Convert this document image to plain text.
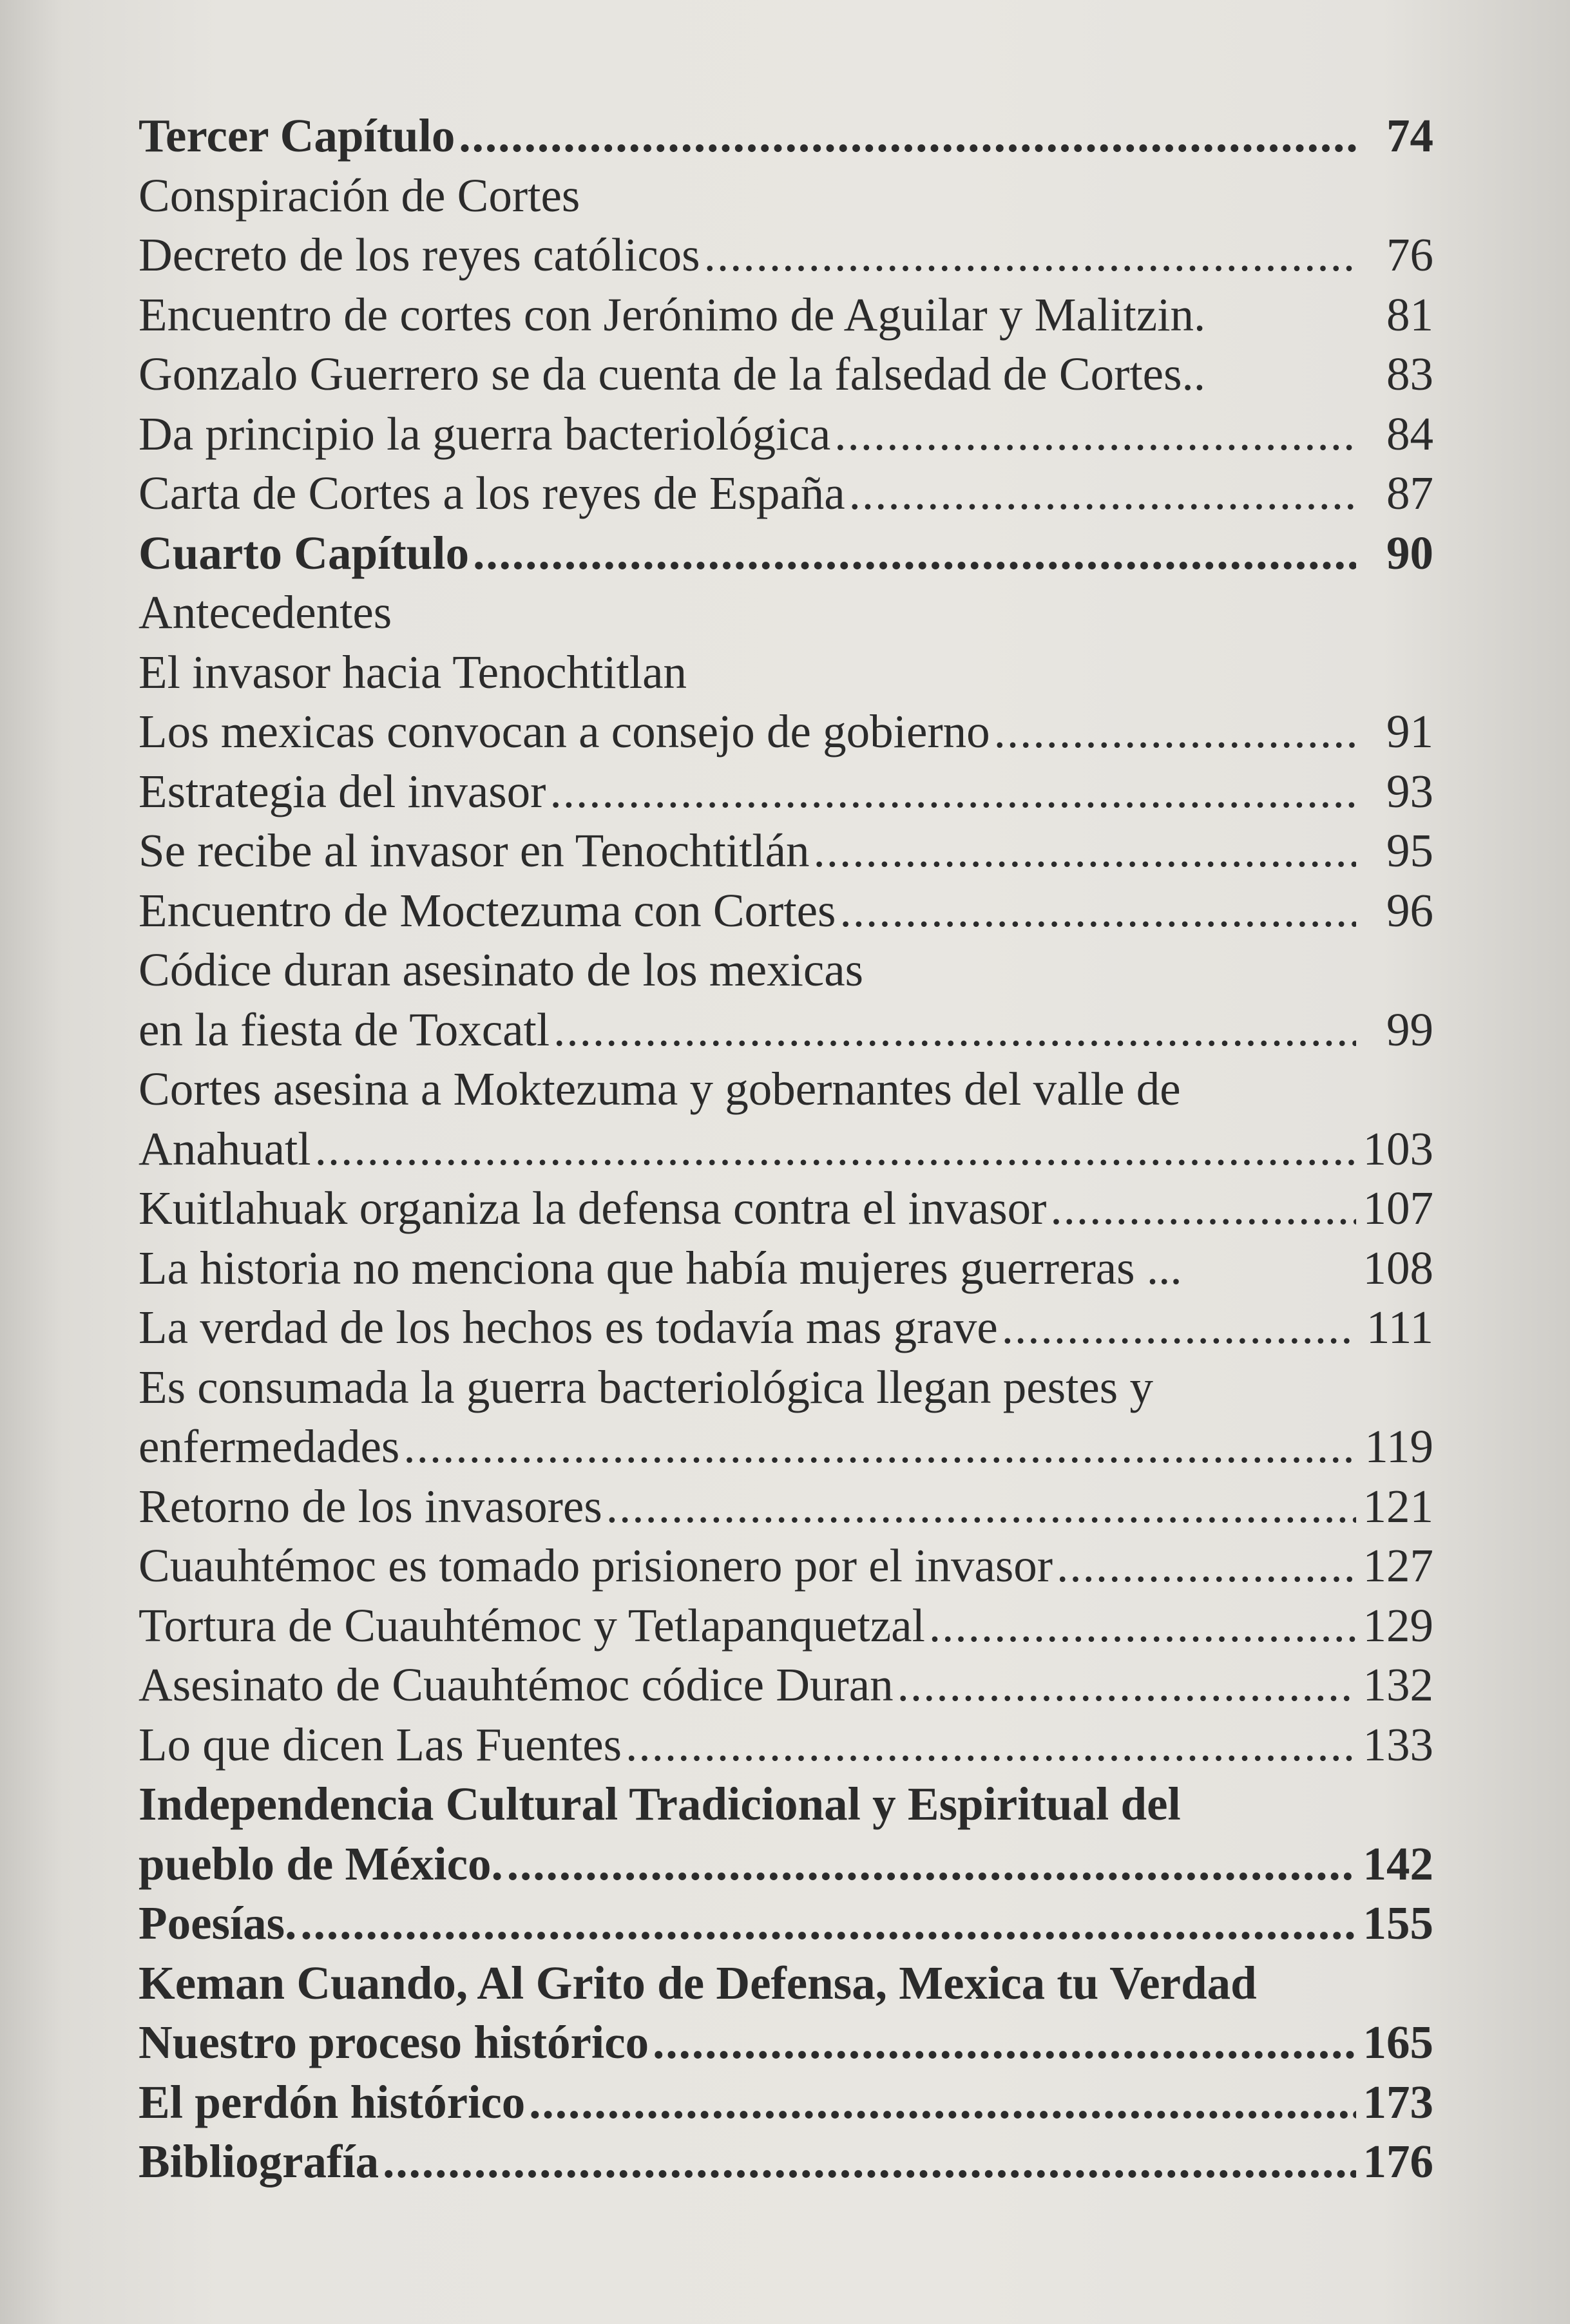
Tercer Capítulo .....	74
Conspiración de Cortes
Decreto de los reyes católicos .....	76
Encuentro de cortes con Jerónimo de Aguilar y Malitzin.	81
Gonzalo Guerrero se da cuenta de la falsedad de Cortes..	83
Da principio la guerra bacteriológica .....	84
Carta de Cortes a los reyes de España .....	87
Cuarto Capítulo .....	90
Antecedentes
El invasor hacia Tenochtitlan
Los mexicas convocan a consejo de gobierno .....	91
Estrategia del invasor .....	93
Se recibe al invasor en Tenochtitlán .....	95
Encuentro de Moctezuma con Cortes .....	96
Códice duran asesinato de los mexicas
en la fiesta de Toxcatl .....	99
Cortes asesina a Moktezuma y gobernantes del valle de
Anahuatl .....	103
Kuitlahuak organiza la defensa contra el invasor .....	107
La historia no menciona que había mujeres guerreras ...	108
La verdad de los hechos es todavía mas grave .....	111
Es consumada la guerra bacteriológica llegan pestes y
enfermedades .....	119
Retorno de los invasores .....	121
Cuauhtémoc es tomado prisionero por el invasor .....	127
Tortura de Cuauhtémoc y Tetlapanquetzal .....	129
Asesinato de Cuauhtémoc códice Duran .....	132
Lo que dicen Las Fuentes .....	133
Independencia Cultural Tradicional y Espiritual del
pueblo de México. .....	142
Poesías. .....	155
Keman Cuando, Al Grito de Defensa, Mexica tu Verdad
Nuestro proceso histórico .....	165
El perdón histórico .....	173
Bibliografía .....	176
